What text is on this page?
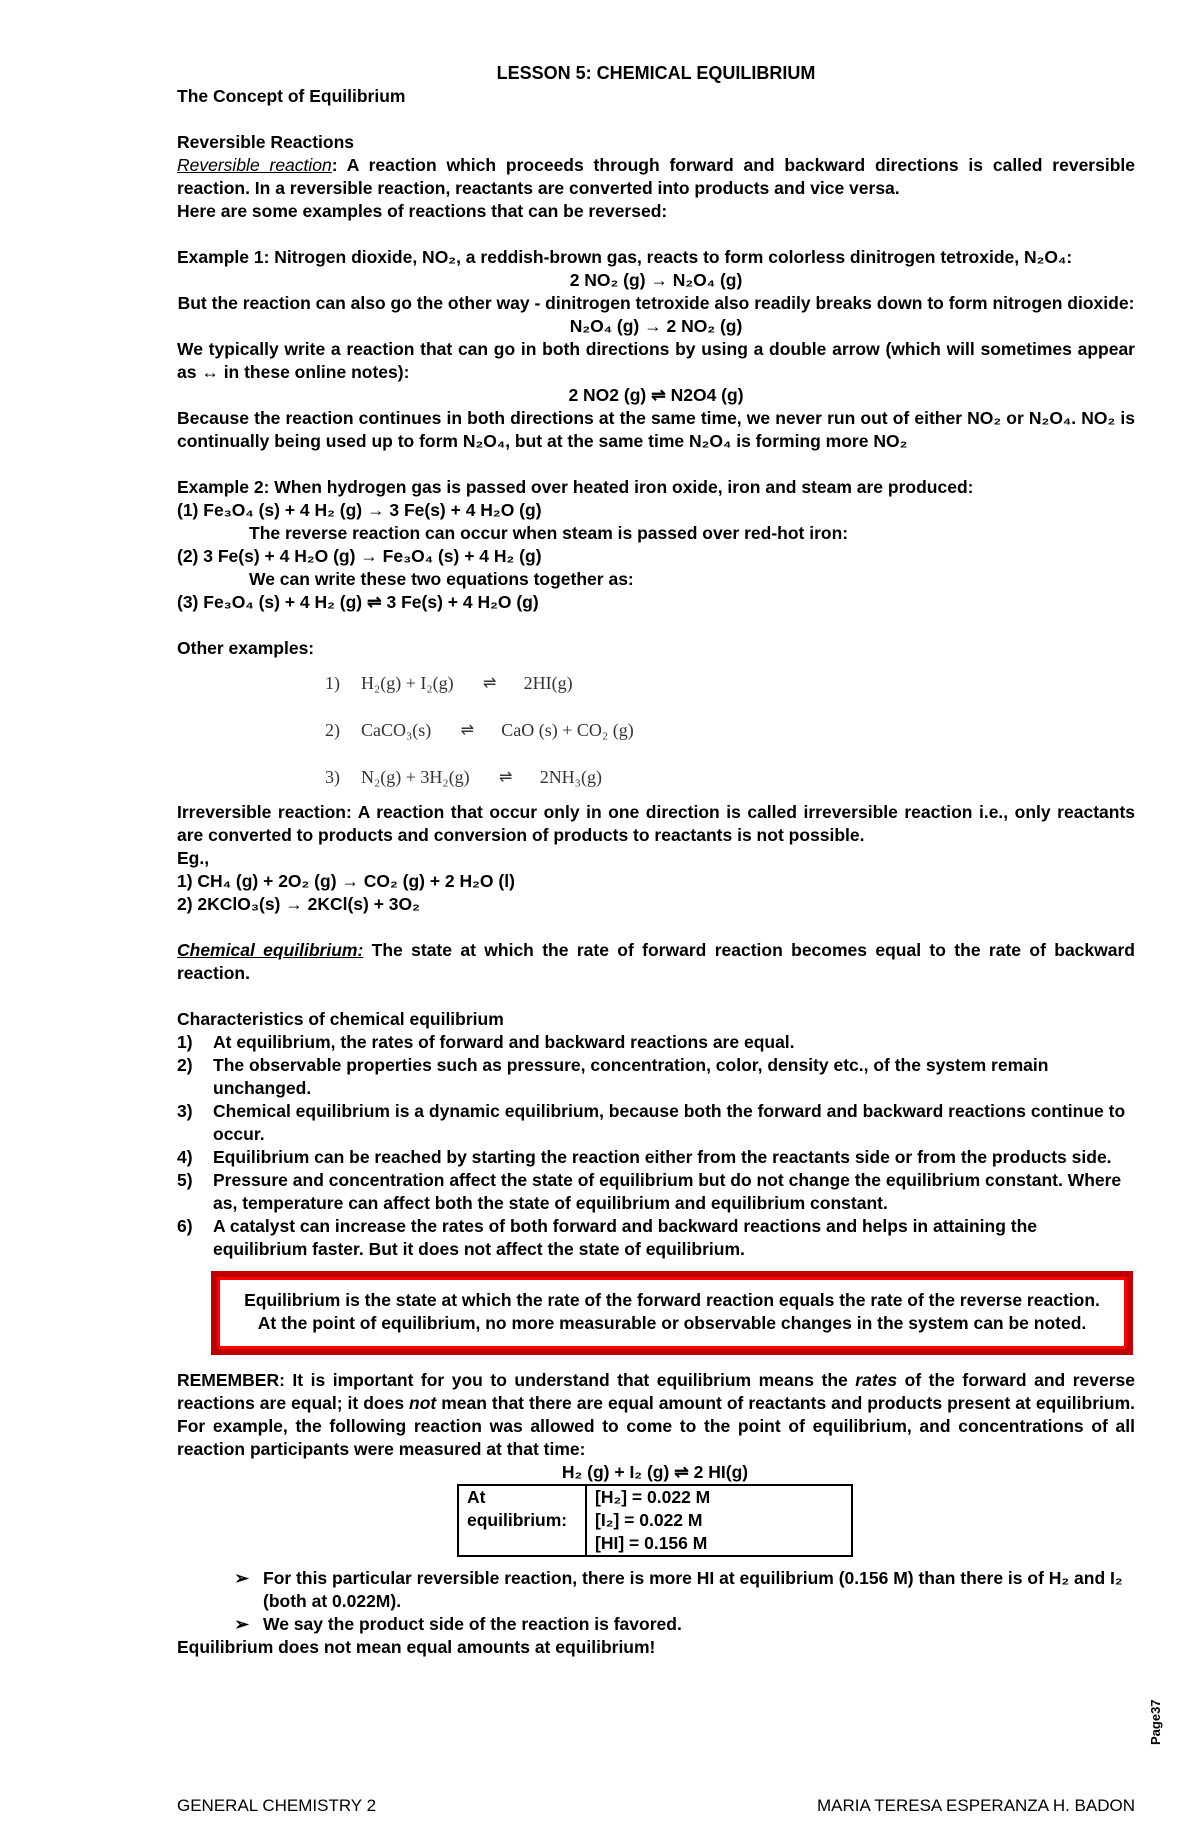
LESSON 5: CHEMICAL EQUILIBRIUM

The Concept of Equilibrium

Reversible Reactions

Reversible reaction: A reaction which proceeds through forward and backward directions is called reversible reaction. In a reversible reaction, reactants are converted into products and vice versa.

Here are some examples of reactions that can be reversed:

Example 1: Nitrogen dioxide, NO₂, a reddish-brown gas, reacts to form colorless dinitrogen tetroxide, N₂O₄:

2 NO₂ (g) → N₂O₄ (g)

But the reaction can also go the other way - dinitrogen tetroxide also readily breaks down to form nitrogen dioxide: N₂O₄ (g) → 2 NO₂ (g)

We typically write a reaction that can go in both directions by using a double arrow (which will sometimes appear as ↔ in these online notes):

2 NO2 (g) ⇌ N2O4 (g)

Because the reaction continues in both directions at the same time, we never run out of either NO₂ or N₂O₄. NO₂ is continually being used up to form N₂O₄, but at the same time N₂O₄ is forming more NO₂

Example 2: When hydrogen gas is passed over heated iron oxide, iron and steam are produced:

(1) Fe₃O₄ (s) + 4 H₂ (g) → 3 Fe(s) + 4 H₂O (g)

The reverse reaction can occur when steam is passed over red-hot iron:

(2) 3 Fe(s) + 4 H₂O (g) → Fe₃O₄ (s) + 4 H₂ (g)

We can write these two equations together as:

(3) Fe₃O₄ (s) + 4 H₂ (g) ⇌ 3 Fe(s) + 4 H₂O (g)

Other examples:

1)	H₂(g) + I₂(g)	⇌	2HI(g)
2)	CaCO₃(s)	⇌	CaO (s) + CO₂ (g)
3)	N₂(g) + 3H₂(g)	⇌	2NH₃(g)

Irreversible reaction: A reaction that occur only in one direction is called irreversible reaction i.e., only reactants are converted to products and conversion of products to reactants is not possible.

Eg.,

1) CH₄ (g) + 2O₂ (g) → CO₂ (g) + 2 H₂O (l)

2) 2KClO₃(s) → 2KCl(s) + 3O₂

Chemical equilibrium: The state at which the rate of forward reaction becomes equal to the rate of backward reaction.

Characteristics of chemical equilibrium

1)	At equilibrium, the rates of forward and backward reactions are equal.
2)	The observable properties such as pressure, concentration, color, density etc., of the system remain unchanged.
3)	Chemical equilibrium is a dynamic equilibrium, because both the forward and backward reactions continue to occur.
4)	Equilibrium can be reached by starting the reaction either from the reactants side or from the products side.
5)	Pressure and concentration affect the state of equilibrium but do not change the equilibrium constant. Where as, temperature can affect both the state of equilibrium and equilibrium constant.
6)	A catalyst can increase the rates of both forward and backward reactions and helps in attaining the equilibrium faster. But it does not affect the state of equilibrium.

Equilibrium is the state at which the rate of the forward reaction equals the rate of the reverse reaction.

At the point of equilibrium, no more measurable or observable changes in the system can be noted.

REMEMBER: It is important for you to understand that equilibrium means the rates of the forward and reverse reactions are equal; it does not mean that there are equal amount of reactants and products present at equilibrium. For example, the following reaction was allowed to come to the point of equilibrium, and concentrations of all reaction participants were measured at that time:

H₂ (g) + I₂ (g) ⇌ 2 HI(g)
At equilibrium:	[H₂] = 0.022 M
[I₂] = 0.022 M
[HI] = 0.156 M
➢ For this particular reversible reaction, there is more HI at equilibrium (0.156 M) than there is of H₂ and I₂ (both at 0.022M).
➢ We say the product side of the reaction is favored.

Equilibrium does not mean equal amounts at equilibrium!

Page37
GENERAL CHEMISTRY 2	MARIA TERESA ESPERANZA H. BADON
